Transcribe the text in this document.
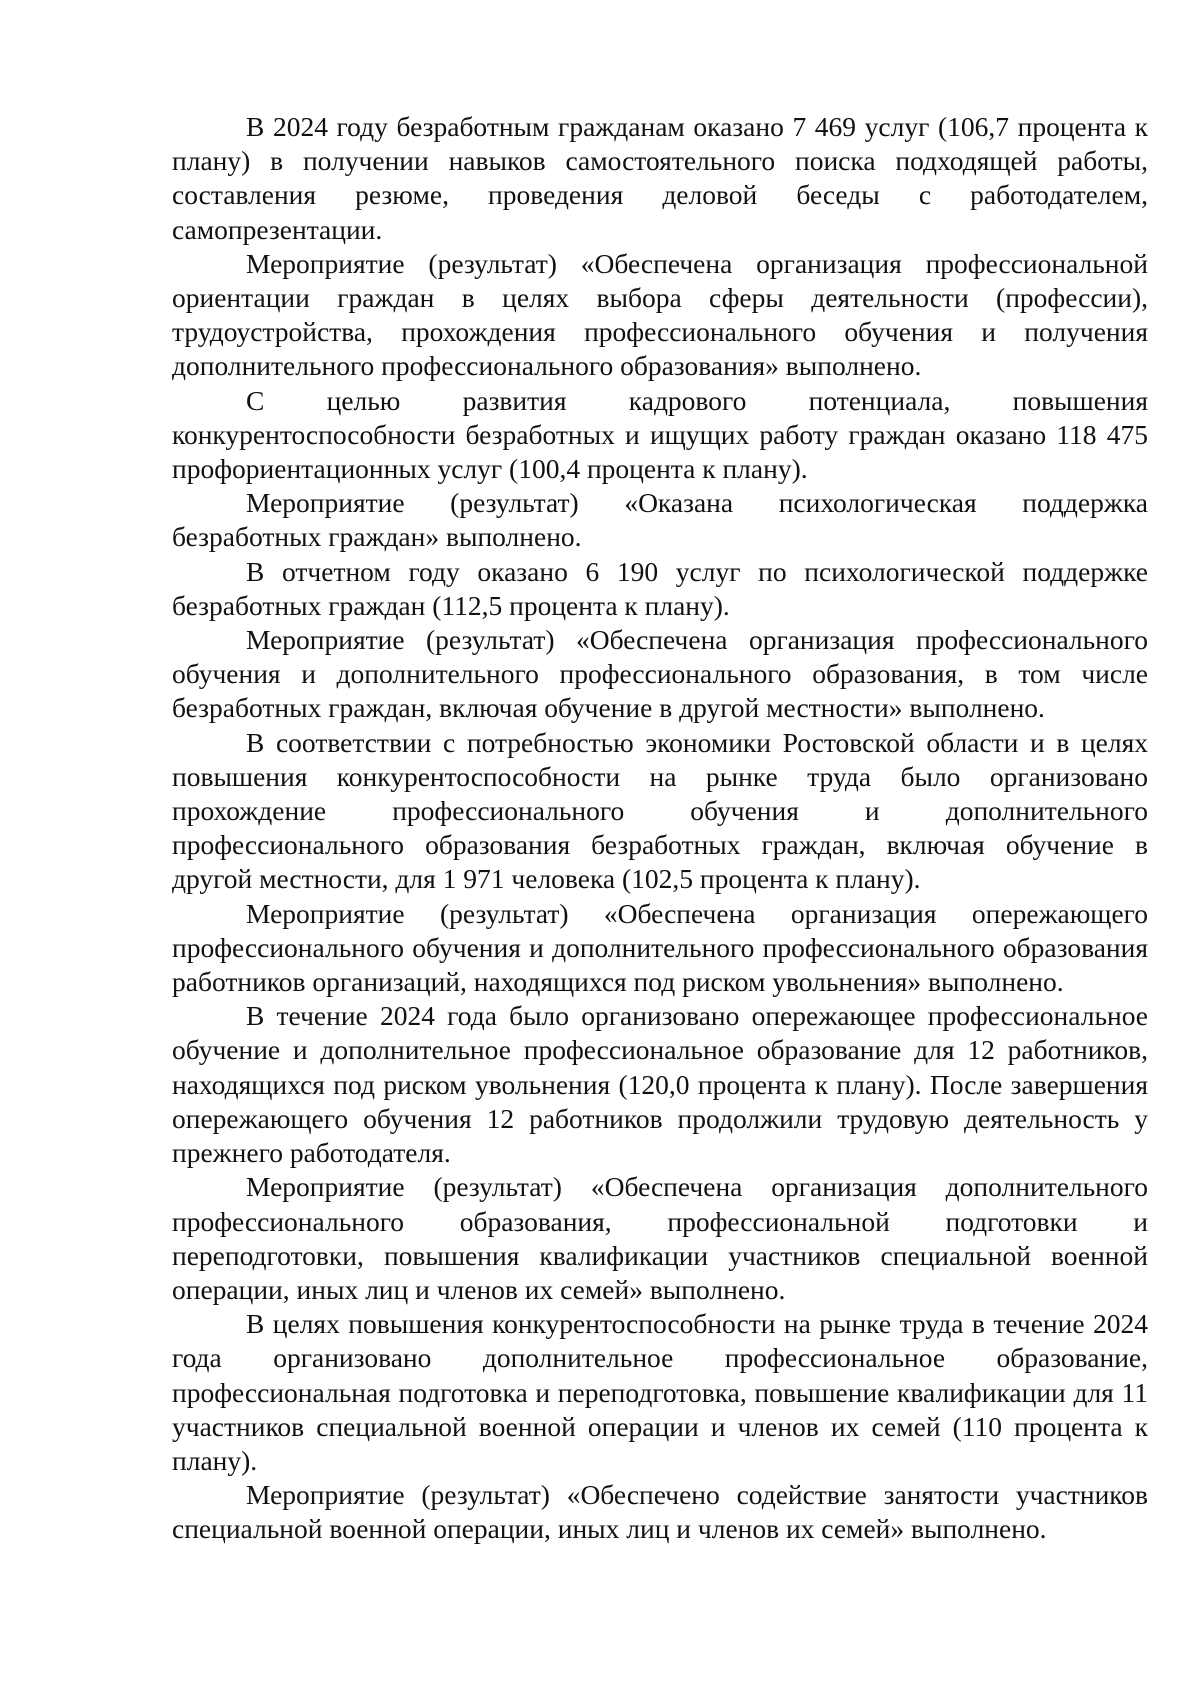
В 2024 году безработным гражданам оказано 7 469 услуг (106,7 процента к плану) в получении навыков самостоятельного поиска подходящей работы, составления резюме, проведения деловой беседы с работодателем, самопрезентации.

Мероприятие (результат) «Обеспечена организация профессиональной ориентации граждан в целях выбора сферы деятельности (профессии), трудоустройства, прохождения профессионального обучения и получения дополнительного профессионального образования» выполнено.

С целью развития кадрового потенциала, повышения конкурентоспособности безработных и ищущих работу граждан оказано 118 475 профориентационных услуг (100,4 процента к плану).

Мероприятие (результат) «Оказана психологическая поддержка безработных граждан» выполнено.

В отчетном году оказано 6 190 услуг по психологической поддержке безработных граждан (112,5 процента к плану).

Мероприятие (результат) «Обеспечена организация профессионального обучения и дополнительного профессионального образования, в том числе безработных граждан, включая обучение в другой местности» выполнено.

В соответствии с потребностью экономики Ростовской области и в целях повышения конкурентоспособности на рынке труда было организовано прохождение профессионального обучения и дополнительного профессионального образования безработных граждан, включая обучение в другой местности, для 1 971 человека (102,5 процента к плану).

Мероприятие (результат) «Обеспечена организация опережающего профессионального обучения и дополнительного профессионального образования работников организаций, находящихся под риском увольнения» выполнено.

В течение 2024 года было организовано опережающее профессиональное обучение и дополнительное профессиональное образование для 12 работников, находящихся под риском увольнения (120,0 процента к плану). После завершения опережающего обучения 12 работников продолжили трудовую деятельность у прежнего работодателя.

Мероприятие (результат) «Обеспечена организация дополнительного профессионального образования, профессиональной подготовки и переподготовки, повышения квалификации участников специальной военной операции, иных лиц и членов их семей» выполнено.

В целях повышения конкурентоспособности на рынке труда в течение 2024 года организовано дополнительное профессиональное образование, профессиональная подготовка и переподготовка, повышение квалификации для 11 участников специальной военной операции и членов их семей (110 процента к плану).

Мероприятие (результат) «Обеспечено содействие занятости участников специальной военной операции, иных лиц и членов их семей» выполнено.
